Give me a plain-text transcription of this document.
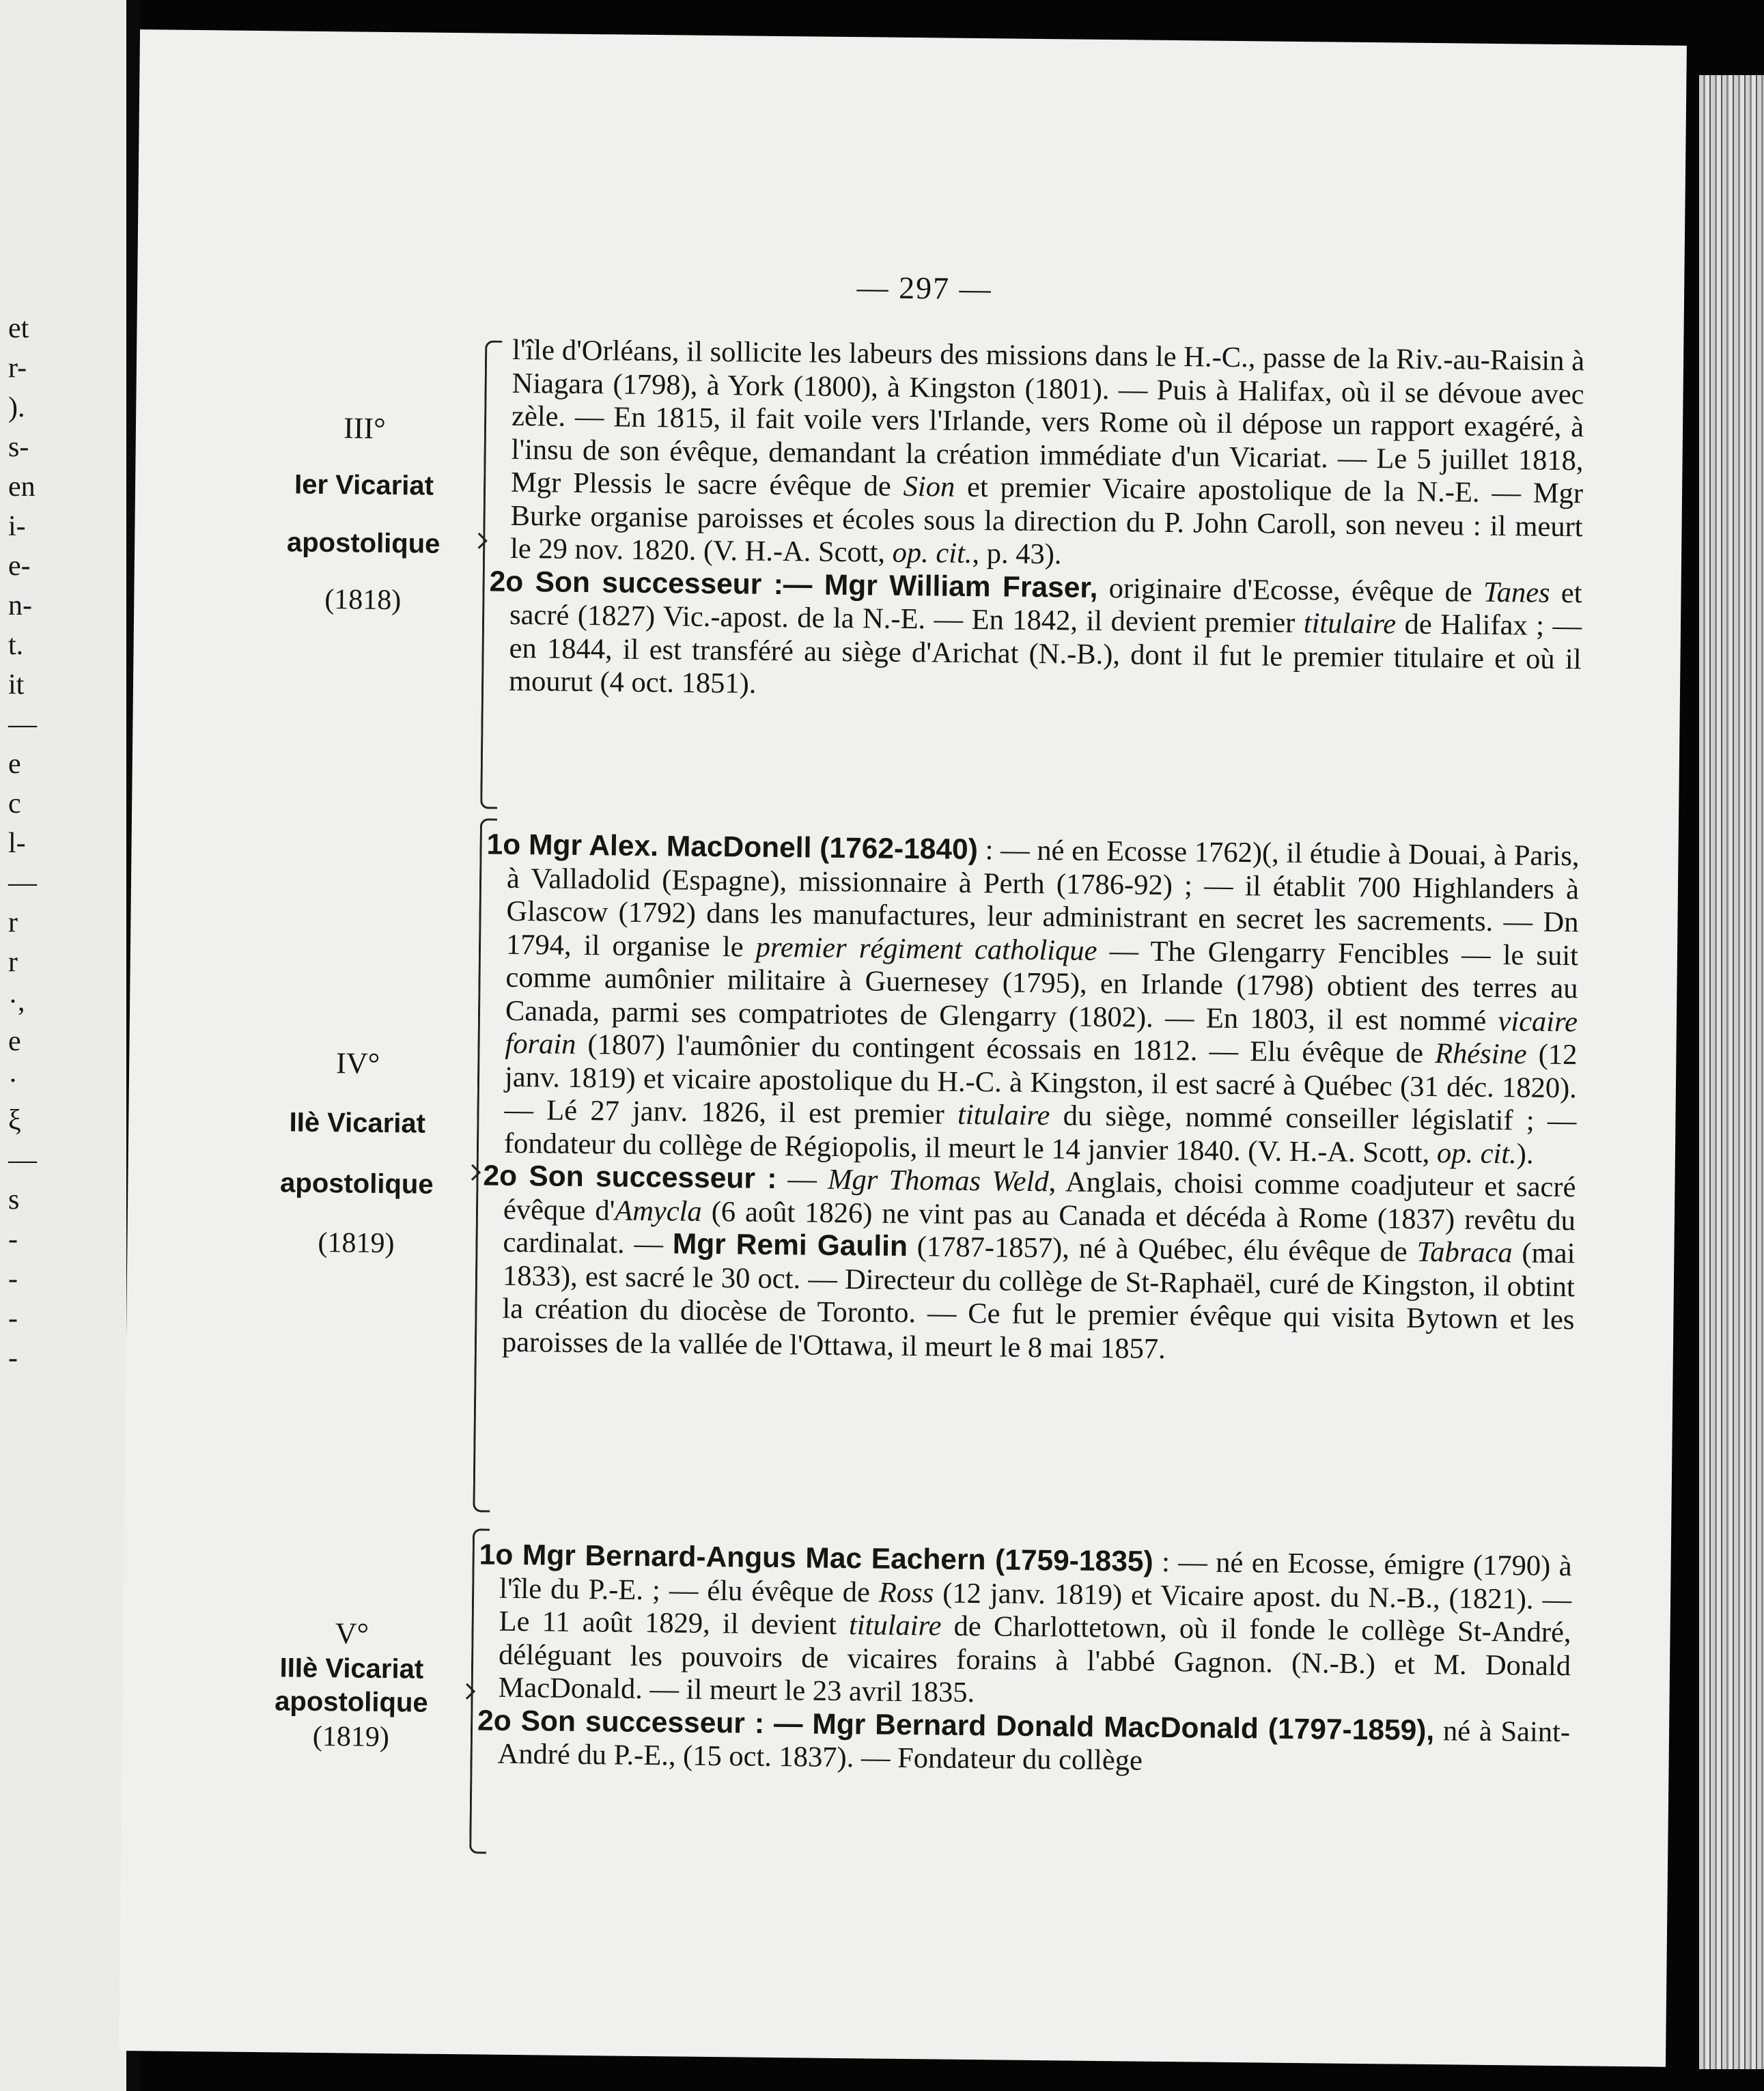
et
r-
).
s-
en
i-
e-
n-
t.
it
—
e
c
l-
—
r
r
·,
e
·
ξ
—
s
-
-
-
-
— 297 —
III°
Ier Vicariat
apostolique
(1818)

l'île d'Orléans, il sollicite les labeurs des missions dans le H.-C., passe de la Riv.-au-Raisin à Niagara (1798), à York (1800), à Kingston (1801). — Puis à Halifax, où il se dévoue avec zèle. — En 1815, il fait voile vers l'Irlande, vers Rome où il dépose un rapport exagéré, à l'insu de son évêque, demandant la création immédiate d'un Vicariat. — Le 5 juillet 1818, Mgr Plessis le sacre évêque de Sion et premier Vicaire apostolique de la N.-E. — Mgr Burke organise paroisses et écoles sous la direction du P. John Caroll, son neveu : il meurt le 29 nov. 1820. (V. H.-A. Scott, op. cit., p. 43).

2o Son successeur :— Mgr William Fraser, originaire d'Ecosse, évêque de Tanes et sacré (1827) Vic.-apost. de la N.-E. — En 1842, il devient premier titulaire de Halifax ; — en 1844, il est transféré au siège d'Arichat (N.-B.), dont il fut le premier titulaire et où il mourut (4 oct. 1851).

IV°
IIè Vicariat
apostolique
(1819)

1o Mgr Alex. MacDonell (1762-1840) : — né en Ecosse 1762)(, il étudie à Douai, à Paris, à Valladolid (Espagne), missionnaire à Perth (1786-92) ; — il établit 700 Highlanders à Glascow (1792) dans les manufactures, leur administrant en secret les sacrements. — Dn 1794, il organise le premier régiment catholique — The Glengarry Fencibles — le suit comme aumônier militaire à Guernesey (1795), en Irlande (1798) obtient des terres au Canada, parmi ses compatriotes de Glengarry (1802). — En 1803, il est nommé vicaire forain (1807) l'aumônier du contingent écossais en 1812. — Elu évêque de Rhésine (12 janv. 1819) et vicaire apostolique du H.-C. à Kingston, il est sacré à Québec (31 déc. 1820). — Lé 27 janv. 1826, il est premier titulaire du siège, nommé conseiller législatif ; — fondateur du collège de Régiopolis, il meurt le 14 janvier 1840. (V. H.-A. Scott, op. cit.).

2o Son successeur : — Mgr Thomas Weld, Anglais, choisi comme coadjuteur et sacré évêque d'Amycla (6 août 1826) ne vint pas au Canada et décéda à Rome (1837) revêtu du cardinalat. — Mgr Remi Gaulin (1787-1857), né à Québec, élu évêque de Tabraca (mai 1833), est sacré le 30 oct. — Directeur du collège de St-Raphaël, curé de Kingston, il obtint la création du diocèse de Toronto. — Ce fut le premier évêque qui visita Bytown et les paroisses de la vallée de l'Ottawa, il meurt le 8 mai 1857.

V°
IIIè Vicariat
apostolique
(1819)

1o Mgr Bernard-Angus Mac Eachern (1759-1835) : — né en Ecosse, émigre (1790) à l'île du P.-E. ; — élu évêque de Ross (12 janv. 1819) et Vicaire apost. du N.-B., (1821). — Le 11 août 1829, il devient titulaire de Charlottetown, où il fonde le collège St-André, déléguant les pouvoirs de vicaires forains à l'abbé Gagnon. (N.-B.) et M. Donald MacDonald. — il meurt le 23 avril 1835.

2o Son successeur : — Mgr Bernard Donald MacDonald (1797-1859), né à Saint-André du P.-E., (15 oct. 1837). — Fondateur du collège
